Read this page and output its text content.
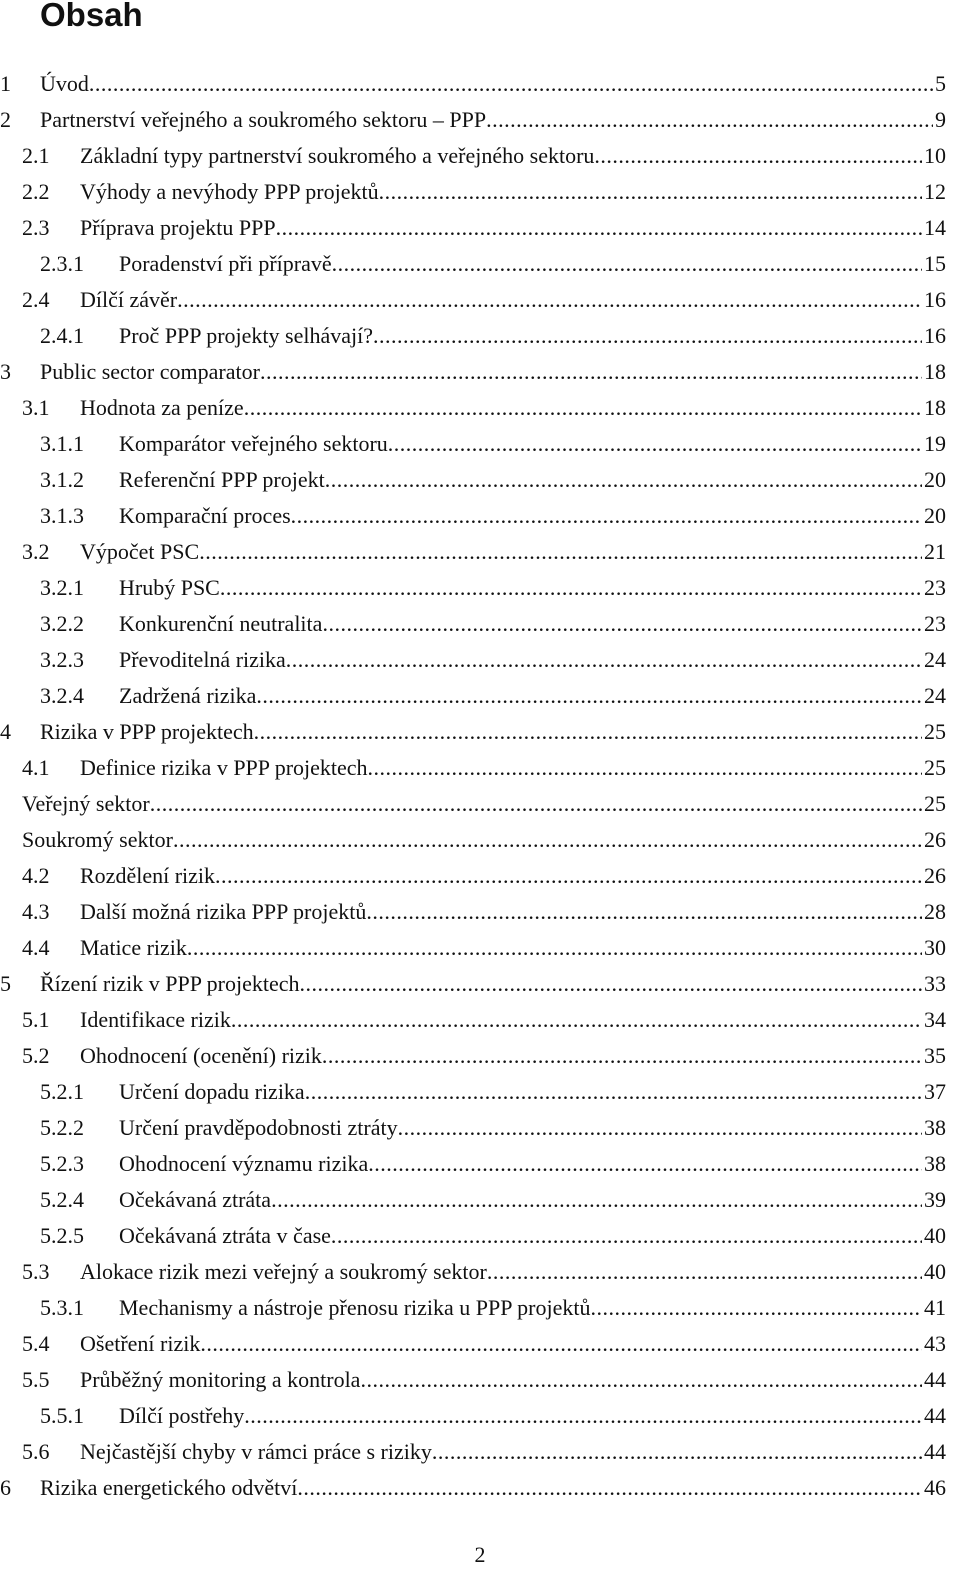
Obsah
1	Úvod .....	5
2	Partnerství veřejného a soukromého sektoru – PPP .....	9
2.1	Základní typy partnerství soukromého a veřejného sektoru .....	10
2.2	Výhody a nevýhody PPP projektů .....	12
2.3	Příprava projektu PPP .....	14
2.3.1	Poradenství při přípravě .....	15
2.4	Dílčí závěr .....	16
2.4.1	Proč PPP projekty selhávají? .....	16
3	Public sector comparator .....	18
3.1	Hodnota za peníze .....	18
3.1.1	Komparátor veřejného sektoru .....	19
3.1.2	Referenční PPP projekt .....	20
3.1.3	Komparační proces .....	20
3.2	Výpočet PSC .....	21
3.2.1	Hrubý PSC .....	23
3.2.2	Konkurenční neutralita .....	23
3.2.3	Převoditelná rizika .....	24
3.2.4	Zadržená rizika .....	24
4	Rizika v PPP projektech .....	25
4.1	Definice rizika v PPP projektech .....	25
Veřejný sektor .....	25
Soukromý sektor .....	26
4.2	Rozdělení rizik .....	26
4.3	Další možná rizika PPP projektů .....	28
4.4	Matice rizik .....	30
5	Řízení rizik v PPP projektech .....	33
5.1	Identifikace rizik .....	34
5.2	Ohodnocení (ocenění) rizik .....	35
5.2.1	Určení dopadu rizika .....	37
5.2.2	Určení pravděpodobnosti ztráty .....	38
5.2.3	Ohodnocení významu rizika .....	38
5.2.4	Očekávaná ztráta .....	39
5.2.5	Očekávaná ztráta v čase .....	40
5.3	Alokace rizik mezi veřejný a soukromý sektor .....	40
5.3.1	Mechanismy a nástroje přenosu rizika u PPP projektů .....	41
5.4	Ošetření rizik .....	43
5.5	Průběžný monitoring a kontrola .....	44
5.5.1	Dílčí postřehy .....	44
5.6	Nejčastější chyby v rámci práce s riziky .....	44
6	Rizika energetického odvětví .....	46
2
